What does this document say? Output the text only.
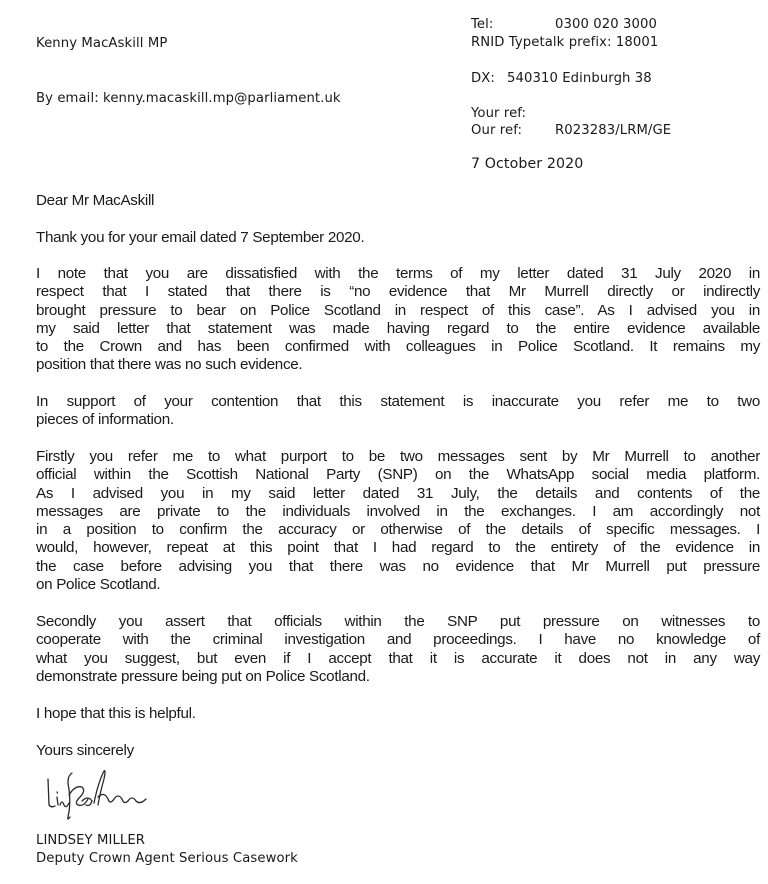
Kenny MacAskill MP
By email: kenny.macaskill.mp@parliament.uk
Tel:	0300 020 3000
RNID Typetalk prefix: 18001
DX: 540310 Edinburgh 38
Your ref:
Our ref: R023283/LRM/GE
7 October 2020
Dear Mr MacAskill
Thank you for your email dated 7 September 2020.
I note that you are dissatisfied with the terms of my letter dated 31 July 2020 in
respect that I stated that there is “no evidence that Mr Murrell directly or indirectly
brought pressure to bear on Police Scotland in respect of this case”. As I advised you in
my said letter that statement was made having regard to the entire evidence available
to the Crown and has been confirmed with colleagues in Police Scotland. It remains my
position that there was no such evidence.
In support of your contention that this statement is inaccurate you refer me to two
pieces of information.
Firstly you refer me to what purport to be two messages sent by Mr Murrell to another
official within the Scottish National Party (SNP) on the WhatsApp social media platform.
As I advised you in my said letter dated 31 July, the details and contents of the
messages are private to the individuals involved in the exchanges. I am accordingly not
in a position to confirm the accuracy or otherwise of the details of specific messages. I
would, however, repeat at this point that I had regard to the entirety of the evidence in
the case before advising you that there was no evidence that Mr Murrell put pressure
on Police Scotland.
Secondly you assert that officials within the SNP put pressure on witnesses to
cooperate with the criminal investigation and proceedings. I have no knowledge of
what you suggest, but even if I accept that it is accurate it does not in any way
demonstrate pressure being put on Police Scotland.
I hope that this is helpful.
Yours sincerely
LINDSEY MILLER
Deputy Crown Agent Serious Casework
